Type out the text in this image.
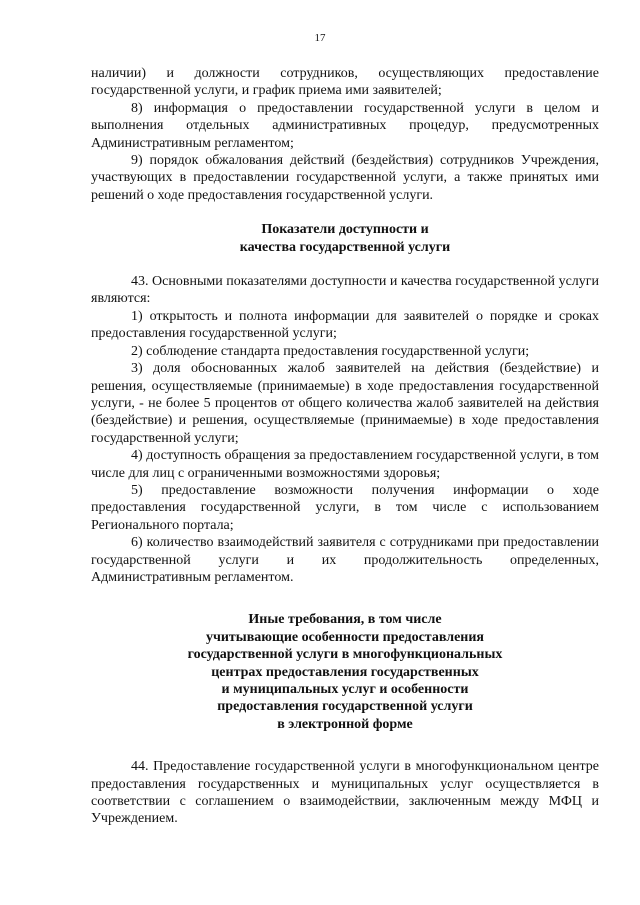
17

наличии) и должности сотрудников, осуществляющих предоставление государственной услуги, и график приема ими заявителей;

8) информация о предоставлении государственной услуги в целом и выполнения отдельных административных процедур, предусмотренных Административным регламентом;

9) порядок обжалования действий (бездействия) сотрудников Учреждения, участвующих в предоставлении государственной услуги, а также принятых ими решений о ходе предоставления государственной услуги.

Показатели доступности и

качества государственной услуги

43. Основными показателями доступности и качества государственной услуги являются:

1) открытость и полнота информации для заявителей о порядке и сроках предоставления государственной услуги;

2) соблюдение стандарта предоставления государственной услуги;

3) доля обоснованных жалоб заявителей на действия (бездействие) и решения, осуществляемые (принимаемые) в ходе предоставления государственной услуги, - не более 5 процентов от общего количества жалоб заявителей на действия (бездействие) и решения, осуществляемые (принимаемые) в ходе предоставления государственной услуги;

4) доступность обращения за предоставлением государственной услуги, в том числе для лиц с ограниченными возможностями здоровья;

5) предоставление возможности получения информации о ходе предоставления государственной услуги, в том числе с использованием Регионального портала;

6) количество взаимодействий заявителя с сотрудниками при предоставлении государственной услуги и их продолжительность определенных, Административным регламентом.

Иные требования, в том числе

учитывающие особенности предоставления

государственной услуги в многофункциональных

центрах предоставления государственных

и муниципальных услуг и особенности

предоставления государственной услуги

в электронной форме

44. Предоставление государственной услуги в многофункциональном центре предоставления государственных и муниципальных услуг осуществляется в соответствии с соглашением о взаимодействии, заключенным между МФЦ и Учреждением.
